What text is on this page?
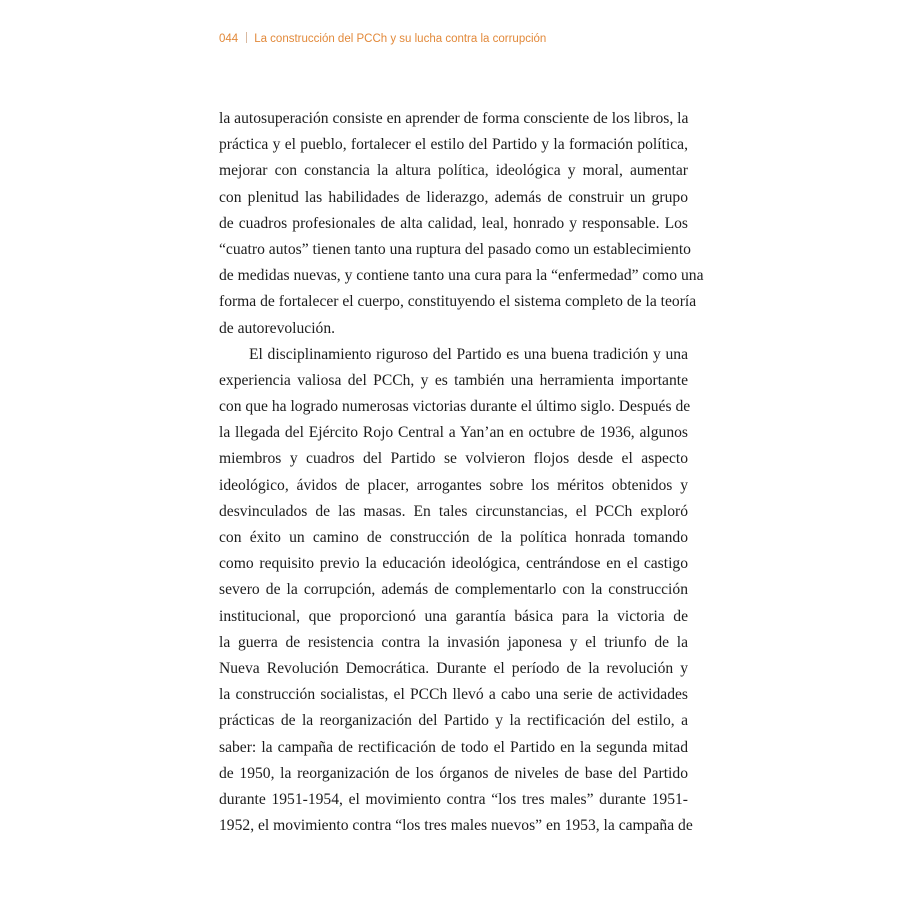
044 La construcción del PCCh y su lucha contra la corrupción
la autosuperación consiste en aprender de forma consciente de los libros, la
práctica y el pueblo, fortalecer el estilo del Partido y la formación política,
mejorar con constancia la altura política, ideológica y moral, aumentar
con plenitud las habilidades de liderazgo, además de construir un grupo
de cuadros profesionales de alta calidad, leal, honrado y responsable. Los
“cuatro autos” tienen tanto una ruptura del pasado como un establecimiento
de medidas nuevas, y contiene tanto una cura para la “enfermedad” como una
forma de fortalecer el cuerpo, constituyendo el sistema completo de la teoría
de autorevolución.
El disciplinamiento riguroso del Partido es una buena tradición y una
experiencia valiosa del PCCh, y es también una herramienta importante
con que ha logrado numerosas victorias durante el último siglo. Después de
la llegada del Ejército Rojo Central a Yan’an en octubre de 1936, algunos
miembros y cuadros del Partido se volvieron flojos desde el aspecto
ideológico, ávidos de placer, arrogantes sobre los méritos obtenidos y
desvinculados de las masas. En tales circunstancias, el PCCh exploró
con éxito un camino de construcción de la política honrada tomando
como requisito previo la educación ideológica, centrándose en el castigo
severo de la corrupción, además de complementarlo con la construcción
institucional, que proporcionó una garantía básica para la victoria de
la guerra de resistencia contra la invasión japonesa y el triunfo de la
Nueva Revolución Democrática. Durante el período de la revolución y
la construcción socialistas, el PCCh llevó a cabo una serie de actividades
prácticas de la reorganización del Partido y la rectificación del estilo, a
saber: la campaña de rectificación de todo el Partido en la segunda mitad
de 1950, la reorganización de los órganos de niveles de base del Partido
durante 1951-1954, el movimiento contra “los tres males” durante 1951-
1952, el movimiento contra “los tres males nuevos” en 1953, la campaña de
